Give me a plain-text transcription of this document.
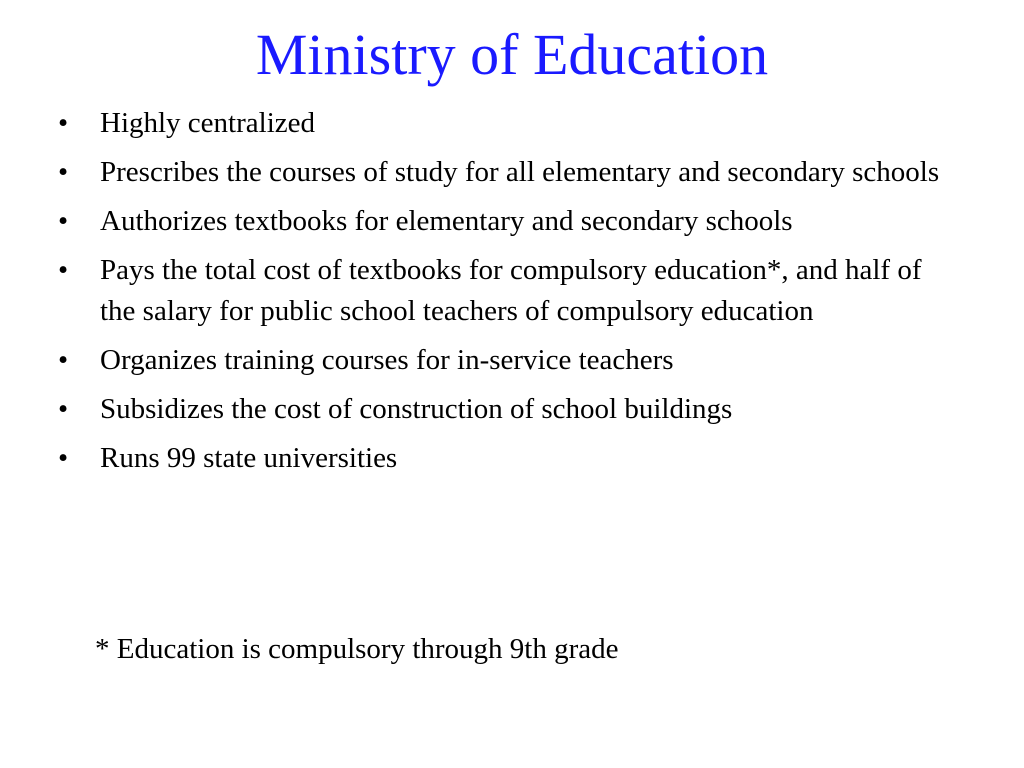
Ministry of Education
• Highly centralized
• Prescribes the courses of study for all elementary and secondary schools
• Authorizes textbooks for elementary and secondary schools
• Pays the total cost of textbooks for compulsory education*, and half of the salary for public school teachers of compulsory education
• Organizes training courses for in-service teachers
• Subsidizes the cost of construction of school buildings
• Runs 99 state universities

* Education is compulsory through 9th grade
